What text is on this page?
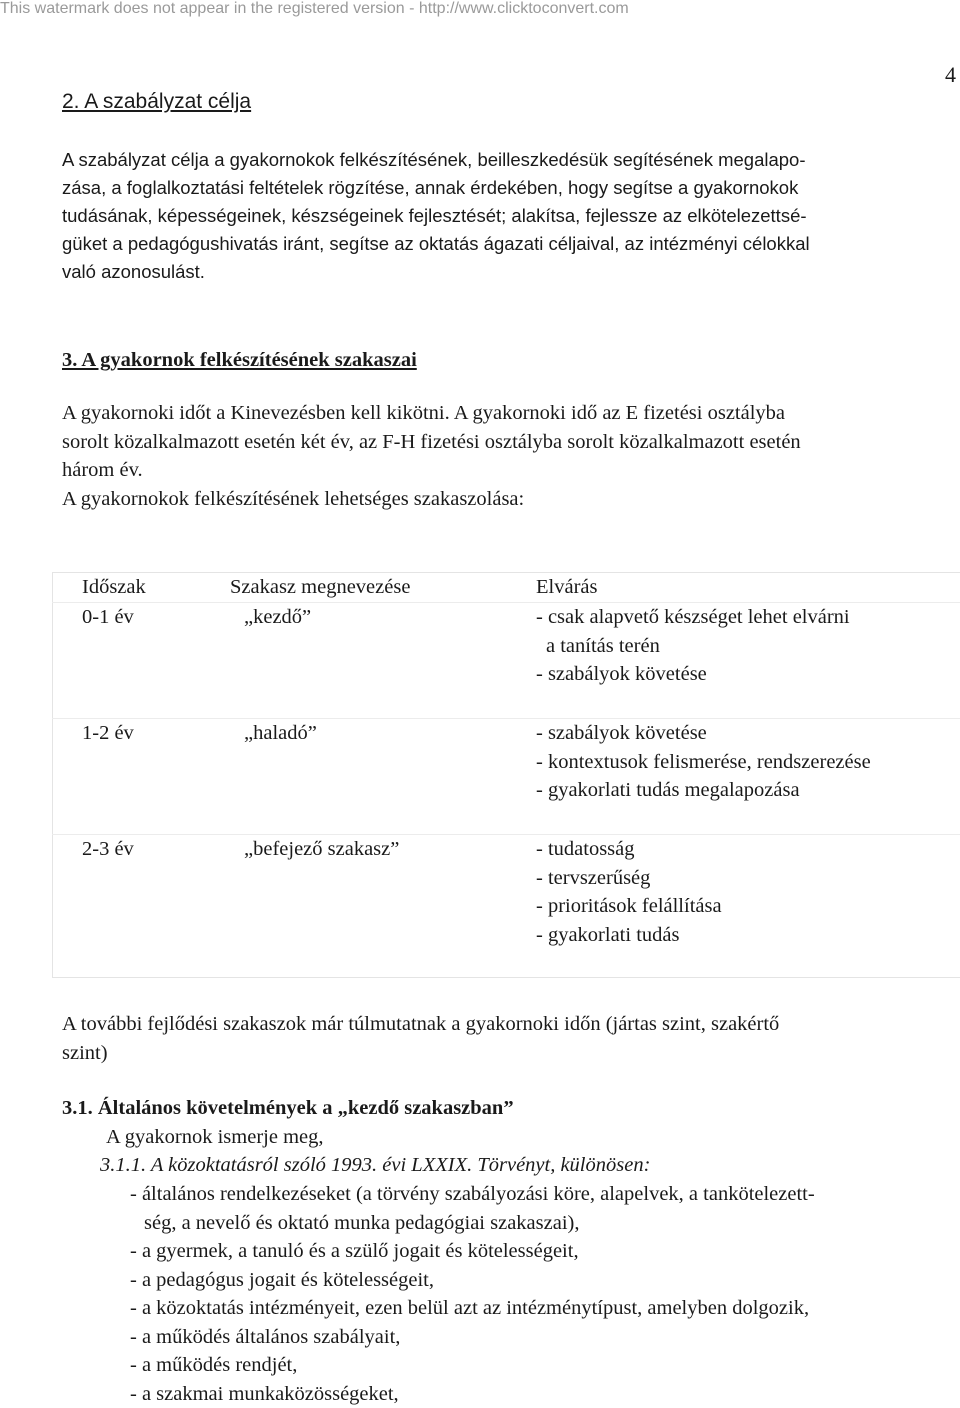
This watermark does not appear in the registered version - http://www.clicktoconvert.com
4
2. A szabályzat célja
A szabályzat célja a gyakornokok felkészítésének, beilleszkedésük segítésének megalapo-
zása, a foglalkoztatási feltételek rögzítése, annak érdekében, hogy segítse a gyakornokok
tudásának, képességeinek, készségeinek fejlesztését; alakítsa, fejlessze az elkötelezettsé-
güket a pedagógushivatás iránt, segítse az oktatás ágazati céljaival, az intézményi célokkal
való azonosulást.
3. A gyakornok felkészítésének szakaszai
A gyakornoki időt a Kinevezésben kell kikötni. A gyakornoki idő az E fizetési osztályba
sorolt közalkalmazott esetén két év, az F-H fizetési osztályba sorolt közalkalmazott esetén
három év.
A gyakornokok felkészítésének lehetséges szakaszolása:
Időszak	Szakasz megnevezése	Elvárás
0-1 év	„kezdő”	- csak alapvető készséget lehet elvárni
a tanítás terén
- szabályok követése
1-2 év	„haladó”	- szabályok követése
- kontextusok felismerése, rendszerezése
- gyakorlati tudás megalapozása
2-3 év	„befejező szakasz”	- tudatosság
- tervszerűség
- prioritások felállítása
- gyakorlati tudás
A további fejlődési szakaszok már túlmutatnak a gyakornoki időn (jártas szint, szakértő
szint)
3.1. Általános követelmények a „kezdő szakaszban”
A gyakornok ismerje meg,
3.1.1. A közoktatásról szóló 1993. évi LXXIX. Törvényt, különösen:
- általános rendelkezéseket (a törvény szabályozási köre, alapelvek, a tankötelezett-
ség, a nevelő és oktató munka pedagógiai szakaszai),
- a gyermek, a tanuló és a szülő jogait és kötelességeit,
- a pedagógus jogait és kötelességeit,
- a közoktatás intézményeit, ezen belül azt az intézménytípust, amelyben dolgozik,
- a működés általános szabályait,
- a működés rendjét,
- a szakmai munkaközösségeket,
